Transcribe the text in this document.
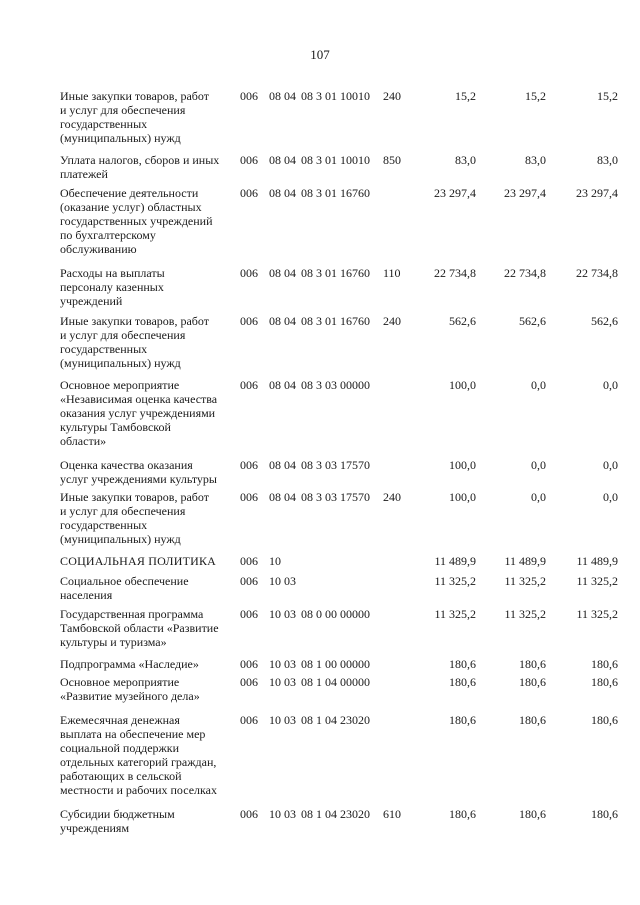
107
Иные закупки товаров, работ
и услуг для обеспечения
государственных
(муниципальных) нужд
006 08 04 08 3 01 10010 240	15,2	15,2	15,2
Уплата налогов, сборов и иных
платежей
006 08 04 08 3 01 10010 850	83,0	83,0	83,0
Обеспечение деятельности
(оказание услуг) областных
государственных учреждений
по бухгалтерскому
обслуживанию
006 08 04 08 3 01 16760	23 297,4	23 297,4	23 297,4
Расходы на выплаты
персоналу казенных
учреждений
006 08 04 08 3 01 16760 110	22 734,8	22 734,8	22 734,8
Иные закупки товаров, работ
и услуг для обеспечения
государственных
(муниципальных) нужд
006 08 04 08 3 01 16760 240	562,6	562,6	562,6
Основное мероприятие
«Независимая оценка качества
оказания услуг учреждениями
культуры Тамбовской
области»
006 08 04 08 3 03 00000	100,0	0,0	0,0
Оценка качества оказания
услуг учреждениями культуры
006 08 04 08 3 03 17570	100,0	0,0	0,0
Иные закупки товаров, работ
и услуг для обеспечения
государственных
(муниципальных) нужд
006 08 04 08 3 03 17570 240	100,0	0,0	0,0
СОЦИАЛЬНАЯ ПОЛИТИКА	006 10	11 489,9	11 489,9	11 489,9
Социальное обеспечение
населения
006 10 03	11 325,2	11 325,2	11 325,2
Государственная программа
Тамбовской области «Развитие
культуры и туризма»
006 10 03 08 0 00 00000	11 325,2	11 325,2	11 325,2
Подпрограмма «Наследие»	006 10 03 08 1 00 00000	180,6	180,6	180,6
Основное мероприятие
«Развитие музейного дела»
006 10 03 08 1 04 00000	180,6	180,6	180,6
Ежемесячная денежная
выплата на обеспечение мер
социальной поддержки
отдельных категорий граждан,
работающих в сельской
местности и рабочих поселках
006 10 03 08 1 04 23020	180,6	180,6	180,6
Субсидии бюджетным
учреждениям
006 10 03 08 1 04 23020 610	180,6	180,6	180,6
